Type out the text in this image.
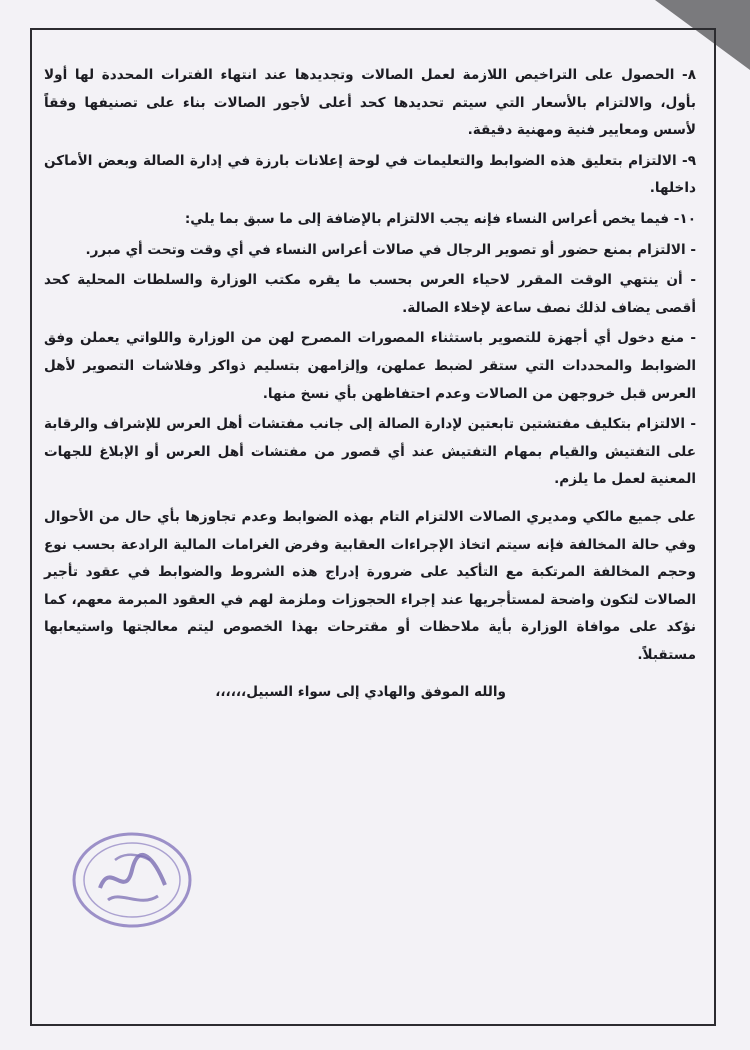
٨- الحصول على التراخيص اللازمة لعمل الصالات وتجديدها عند انتهاء الفترات المحددة لها أولا بأول، والالتزام بالأسعار التي سيتم تحديدها كحد أعلى لأجور الصالات بناء على تصنيفها وفقاً لأسس ومعايير فنية ومهنية دقيقة.

٩- الالتزام بتعليق هذه الضوابط والتعليمات في لوحة إعلانات بارزة في إدارة الصالة وبعض الأماكن داخلها.

١٠- فيما يخص أعراس النساء فإنه يجب الالتزام بالإضافة إلى ما سبق بما يلي:

- الالتزام بمنع حضور أو تصوير الرجال في صالات أعراس النساء في أي وقت وتحت أي مبرر.

- أن ينتهي الوقت المقرر لاحياء العرس بحسب ما يقره مكتب الوزارة والسلطات المحلية كحد أقصى يضاف لذلك نصف ساعة لإخلاء الصالة.

- منع دخول أي أجهزة للتصوير باستثناء المصورات المصرح لهن من الوزارة واللواتي يعملن وفق الضوابط والمحددات التي ستقر لضبط عملهن، وإلزامهن بتسليم ذواكر وفلاشات التصوير لأهل العرس قبل خروجهن من الصالات وعدم احتفاظهن بأي نسخ منها.

- الالتزام بتكليف مفتشتين تابعتين لإدارة الصالة إلى جانب مفتشات أهل العرس للإشراف والرقابة على التفتيش والقيام بمهام التفتيش عند أي قصور من مفتشات أهل العرس أو الإبلاغ للجهات المعنية لعمل ما يلزم.

على جميع مالكي ومديري الصالات الالتزام التام بهذه الضوابط وعدم تجاوزها بأي حال من الأحوال وفي حالة المخالفة فإنه سيتم اتخاذ الإجراءات العقابية وفرض الغرامات المالية الرادعة بحسب نوع وحجم المخالفة المرتكبة مع التأكيد على ضرورة إدراج هذه الشروط والضوابط في عقود تأجير الصالات لتكون واضحة لمستأجريها عند إجراء الحجوزات وملزمة لهم في العقود المبرمة معهم، كما نؤكد على موافاة الوزارة بأية ملاحظات أو مقترحات بهذا الخصوص ليتم معالجتها واستيعابها مستقبلاً.

والله الموفق والهادي إلى سواء السبيل،،،،،،
